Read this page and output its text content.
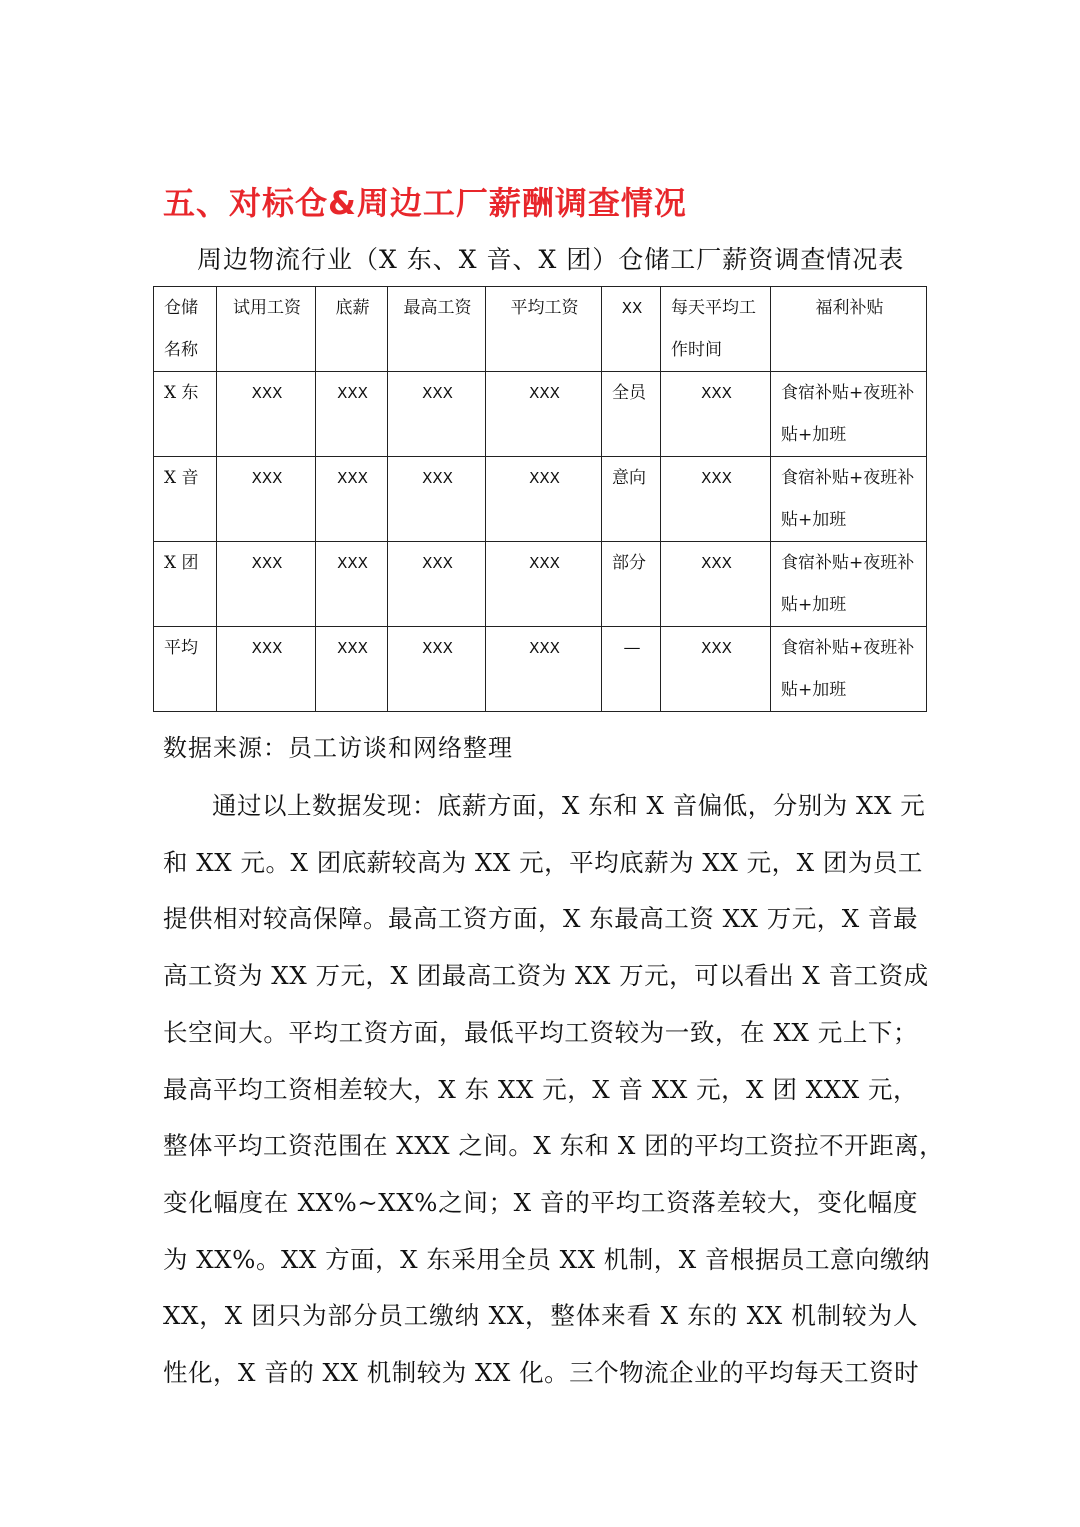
五、对标仓&周边工厂薪酬调查情况
周边物流行业（X 东、X 音、X 团）仓储工厂薪资调查情况表
仓储名称	试用工资	底薪	最高工资	平均工资	XX	每天平均工作时间	福利补贴
X 东	XXX	XXX	XXX	XXX	全员	XXX	食宿补贴+夜班补贴+加班
X 音	XXX	XXX	XXX	XXX	意向	XXX	食宿补贴+夜班补贴+加班
X 团	XXX	XXX	XXX	XXX	部分	XXX	食宿补贴+夜班补贴+加班
平均	XXX	XXX	XXX	XXX	—	XXX	食宿补贴+夜班补贴+加班
数据来源：员工访谈和网络整理
通过以上数据发现：底薪方面，X 东和 X 音偏低，分别为 XX 元
和 XX 元。X 团底薪较高为 XX 元，平均底薪为 XX 元，X 团为员工
提供相对较高保障。最高工资方面，X 东最高工资 XX 万元，X 音最
高工资为 XX 万元，X 团最高工资为 XX 万元，可以看出 X 音工资成
长空间大。平均工资方面，最低平均工资较为一致，在 XX 元上下；
最高平均工资相差较大，X 东 XX 元，X 音 XX 元，X 团 XXX 元，
整体平均工资范围在 XXX 之间。X 东和 X 团的平均工资拉不开距离，
变化幅度在 XX%~XX%之间；X 音的平均工资落差较大，变化幅度
为 XX%。XX 方面，X 东采用全员 XX 机制，X 音根据员工意向缴纳
XX，X 团只为部分员工缴纳 XX，整体来看 X 东的 XX 机制较为人
性化，X 音的 XX 机制较为 XX 化。三个物流企业的平均每天工资时
